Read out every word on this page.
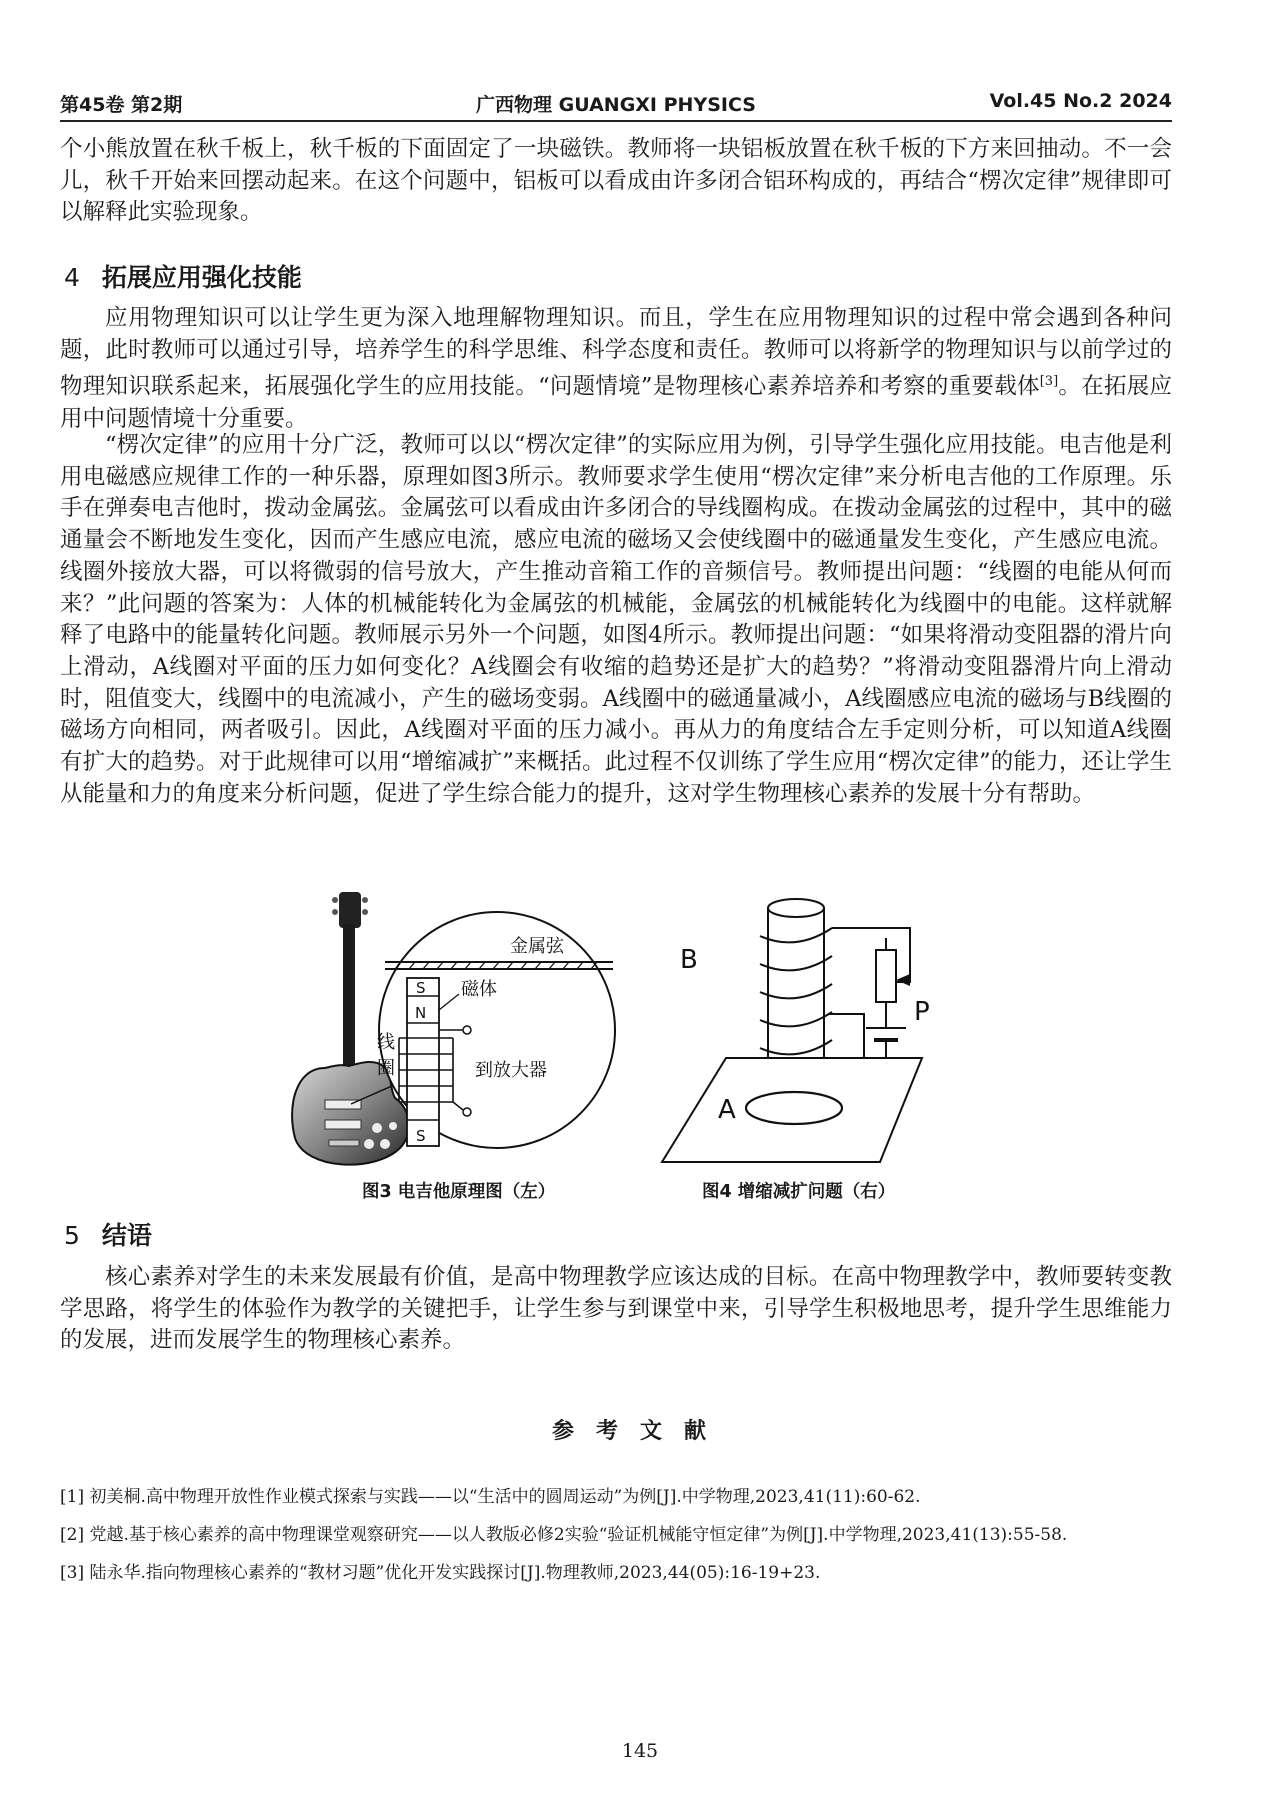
第45卷 第2期	广西物理 GUANGXI PHYSICS	Vol.45 No.2 2024

个小熊放置在秋千板上，秋千板的下面固定了一块磁铁。教师将一块铝板放置在秋千板的下方来回抽动。不一会儿，秋千开始来回摆动起来。在这个问题中，铝板可以看成由许多闭合铝环构成的，再结合“楞次定律”规律即可以解释此实验现象。

4 拓展应用强化技能

应用物理知识可以让学生更为深入地理解物理知识。而且，学生在应用物理知识的过程中常会遇到各种问题，此时教师可以通过引导，培养学生的科学思维、科学态度和责任。教师可以将新学的物理知识与以前学过的物理知识联系起来，拓展强化学生的应用技能。“问题情境”是物理核心素养培养和考察的重要载体[3]。在拓展应用中问题情境十分重要。

“楞次定律”的应用十分广泛，教师可以以“楞次定律”的实际应用为例，引导学生强化应用技能。电吉他是利用电磁感应规律工作的一种乐器，原理如图3所示。教师要求学生使用“楞次定律”来分析电吉他的工作原理。乐手在弹奏电吉他时，拨动金属弦。金属弦可以看成由许多闭合的导线圈构成。在拨动金属弦的过程中，其中的磁通量会不断地发生变化，因而产生感应电流，感应电流的磁场又会使线圈中的磁通量发生变化，产生感应电流。线圈外接放大器，可以将微弱的信号放大，产生推动音箱工作的音频信号。教师提出问题：“线圈的电能从何而来？”此问题的答案为：人体的机械能转化为金属弦的机械能，金属弦的机械能转化为线圈中的电能。这样就解释了电路中的能量转化问题。教师展示另外一个问题，如图4所示。教师提出问题：“如果将滑动变阻器的滑片向上滑动，A线圈对平面的压力如何变化？A线圈会有收缩的趋势还是扩大的趋势？”将滑动变阻器滑片向上滑动时，阻值变大，线圈中的电流减小，产生的磁场变弱。A线圈中的磁通量减小，A线圈感应电流的磁场与B线圈的磁场方向相同，两者吸引。因此，A线圈对平面的压力减小。再从力的角度结合左手定则分析，可以知道A线圈有扩大的趋势。对于此规律可以用“增缩减扩”来概括。此过程不仅训练了学生应用“楞次定律”的能力，还让学生从能量和力的角度来分析问题，促进了学生综合能力的提升，这对学生物理核心素养的发展十分有帮助。

金属弦
S
N
S
磁体
到放大器
线
圈
B
P
A
图3 电吉他原理图（左）	图4 增缩减扩问题（右）
5 结语

核心素养对学生的未来发展最有价值，是高中物理教学应该达成的目标。在高中物理教学中，教师要转变教学思路，将学生的体验作为教学的关键把手，让学生参与到课堂中来，引导学生积极地思考，提升学生思维能力的发展，进而发展学生的物理核心素养。

参考文献

[1] 初美桐.高中物理开放性作业模式探索与实践——以“生活中的圆周运动”为例[J].中学物理,2023,41(11):60-62.

[2] 党越.基于核心素养的高中物理课堂观察研究——以人教版必修2实验“验证机械能守恒定律”为例[J].中学物理,2023,41(13):55-58.

[3] 陆永华.指向物理核心素养的“教材习题”优化开发实践探讨[J].物理教师,2023,44(05):16-19+23.

145
